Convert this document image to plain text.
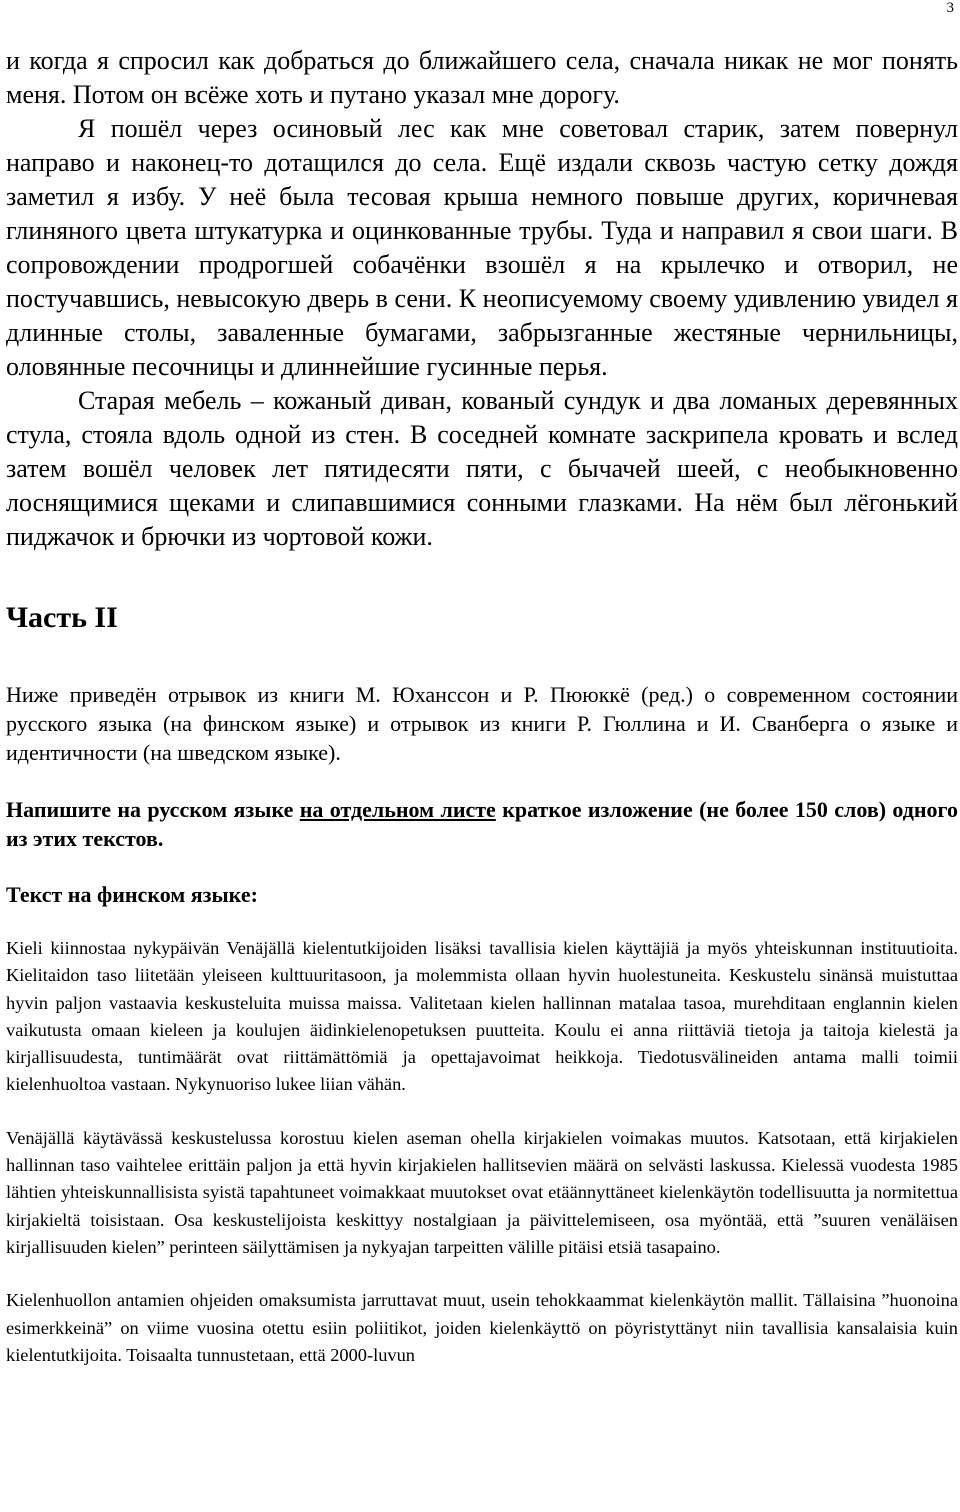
3

и когда я спросил как добраться до ближайшего села, сначала никак не мог понять меня. Потом он всёже хоть и путано указал мне дорогу.

Я пошёл через осиновый лес как мне советовал старик, затем повернул направо и наконец-то дотащился до села. Ещё издали сквозь частую сетку дождя заметил я избу. У неё была тесовая крыша немного повыше других, коричневая глиняного цвета штукатурка и оцинкованные трубы. Туда и направил я свои шаги. В сопровождении продрогшей собачёнки взошёл я на крылечко и отворил, не постучавшись, невысокую дверь в сени. К неописуемому своему удивлению увидел я длинные столы, заваленные бумагами, забрызганные жестяные чернильницы, оловянные песочницы и длиннейшие гусинные перья.

Старая мебель – кожаный диван, кованый сундук и два ломаных деревянных стула, стояла вдоль одной из стен. В соседней комнате заскрипела кровать и вслед затем вошёл человек лет пятидесяти пяти, с бычачей шеей, с необыкновенно лоснящимися щеками и слипавшимися сонными глазками. На нём был лёгонький пиджачок и брючки из чортовой кожи.

Часть II
Ниже приведён отрывок из книги М. Юханссон и Р. Пююккё (ред.) о современном состоянии русского языка (на финском языке) и отрывок из книги Р. Гюллина и И. Сванберга о языке и идентичности (на шведском языке).
Напишите на русском языке на отдельном листе краткое изложение (не более 150 слов) одного из этих текстов.
Текст на финском языке:

Kieli kiinnostaa nykypäivän Venäjällä kielentutkijoiden lisäksi tavallisia kielen käyttäjiä ja myös yhteiskunnan instituutioita. Kielitaidon taso liitetään yleiseen kulttuuritasoon, ja molemmista ollaan hyvin huolestuneita. Keskustelu sinänsä muistuttaa hyvin paljon vastaavia keskusteluita muissa maissa. Valitetaan kielen hallinnan matalaa tasoa, murehditaan englannin kielen vaikutusta omaan kieleen ja koulujen äidinkielenopetuksen puutteita. Koulu ei anna riittäviä tietoja ja taitoja kielestä ja kirjallisuudesta, tuntimäärät ovat riittämättömiä ja opettajavoimat heikkoja. Tiedotusvälineiden antama malli toimii kielenhuoltoa vastaan. Nykynuoriso lukee liian vähän.

Venäjällä käytävässä keskustelussa korostuu kielen aseman ohella kirjakielen voimakas muutos. Katsotaan, että kirjakielen hallinnan taso vaihtelee erittäin paljon ja että hyvin kirjakielen hallitsevien määrä on selvästi laskussa. Kielessä vuodesta 1985 lähtien yhteiskunnallisista syistä tapahtuneet voimakkaat muutokset ovat etäännyttäneet kielenkäytön todellisuutta ja normitettua kirjakieltä toisistaan. Osa keskustelijoista keskittyy nostalgiaan ja päivittelemiseen, osa myöntää, että ”suuren venäläisen kirjallisuuden kielen” perinteen säilyttämisen ja nykyajan tarpeitten välille pitäisi etsiä tasapaino.

Kielenhuollon antamien ohjeiden omaksumista jarruttavat muut, usein tehokkaammat kielenkäytön mallit. Tällaisina ”huonoina esimerkkeinä” on viime vuosina otettu esiin poliitikot, joiden kielenkäyttö on pöyristyttänyt niin tavallisia kansalaisia kuin kielentutkijoita. Toisaalta tunnustetaan, että 2000-luvun
